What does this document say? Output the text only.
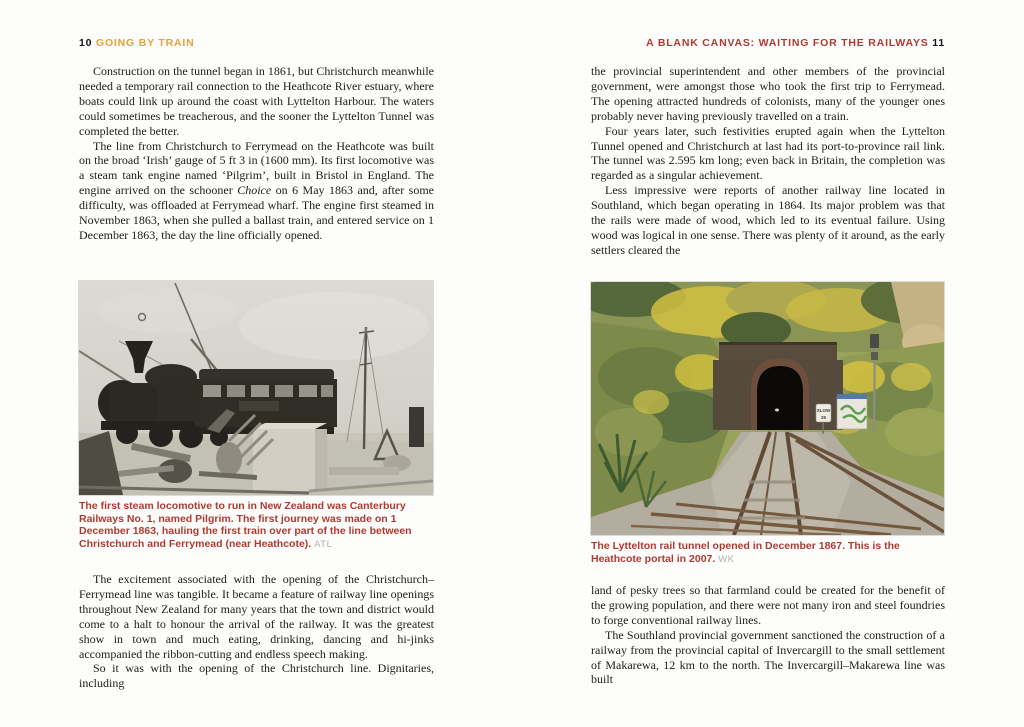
10 GOING BY TRAIN

Construction on the tunnel began in 1861, but Christchurch meanwhile needed a temporary rail connection to the Heathcote River estuary, where boats could link up around the coast with Lyttelton Harbour. The waters could sometimes be treacherous, and the sooner the Lyttelton Tunnel was completed the better.

The line from Christchurch to Ferrymead on the Heathcote was built on the broad ‘Irish’ gauge of 5 ft 3 in (1600 mm). Its first locomotive was a steam tank engine named ‘Pilgrim’, built in Bristol in England. The engine arrived on the schooner Choice on 6 May 1863 and, after some difficulty, was offloaded at Ferrymead wharf. The engine first steamed in November 1863, when she pulled a ballast train, and entered service on 1 December 1863, the day the line officially opened.

The first steam locomotive to run in New Zealand was Canterbury Railways No. 1, named Pilgrim. The first journey was made on 1 December 1863, hauling the first train over part of the line between Christchurch and Ferrymead (near Heathcote). ATL

The excitement associated with the opening of the Christchurch–Ferrymead line was tangible. It became a feature of railway line openings throughout New Zealand for many years that the town and district would come to a halt to honour the arrival of the railway. It was the greatest show in town and much eating, drinking, dancing and hi-jinks accompanied the ribbon-cutting and endless speech making.

So it was with the opening of the Christchurch line. Dignitaries, including

A BLANK CANVAS: WAITING FOR THE RAILWAYS 11

the provincial superintendent and other members of the provincial government, were amongst those who took the first trip to Ferrymead. The opening attracted hundreds of colonists, many of the younger ones probably never having previously travelled on a train.

Four years later, such festivities erupted again when the Lyttelton Tunnel opened and Christchurch at last had its port-to-province rail link. The tunnel was 2.595 km long; even back in Britain, the completion was regarded as a singular achievement.

Less impressive were reports of another railway line located in Southland, which began operating in 1864. Its major problem was that the rails were made of wood, which led to its eventual failure. Using wood was logical in one sense. There was plenty of it around, as the early settlers cleared the

SLOW
25

The Lyttelton rail tunnel opened in December 1867. This is the Heathcote portal in 2007. WK

land of pesky trees so that farmland could be created for the benefit of the growing population, and there were not many iron and steel foundries to forge conventional railway lines.

The Southland provincial government sanctioned the construction of a railway from the provincial capital of Invercargill to the small settlement of Makarewa, 12 km to the north. The Invercargill–Makarewa line was built
